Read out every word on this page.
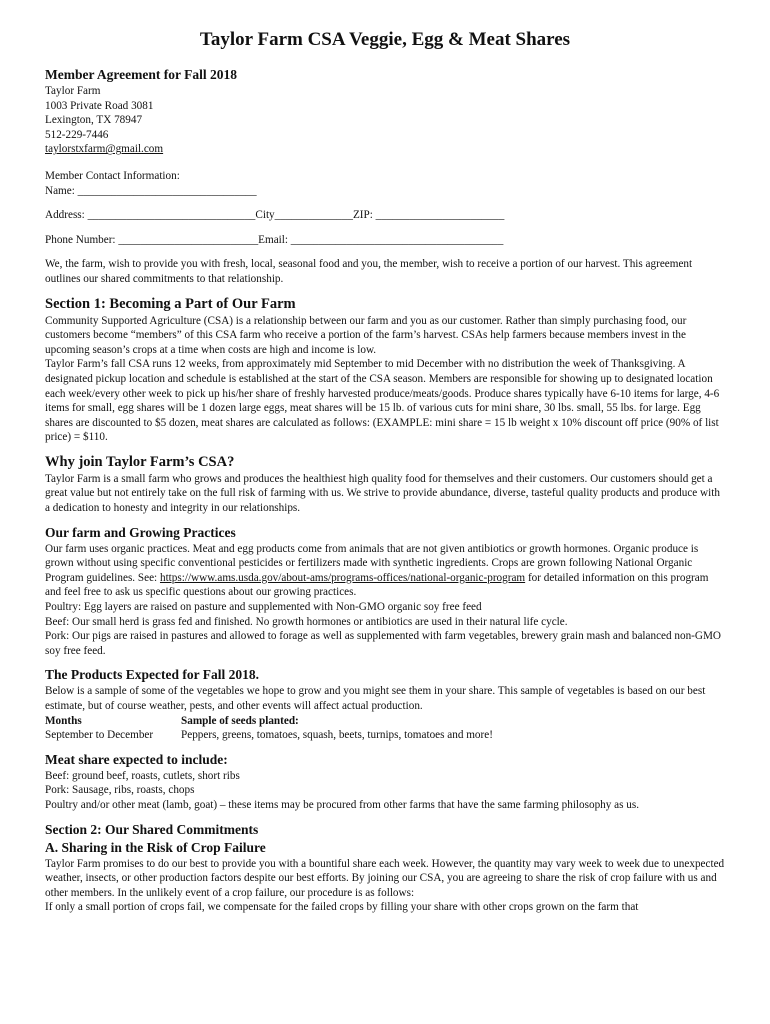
Taylor Farm CSA Veggie, Egg & Meat Shares
Member Agreement for Fall 2018

Taylor Farm

1003 Private Road 3081

Lexington, TX 78947

512-229-7446

taylorstxfarm@gmail.com

Member Contact Information:

Name: ________________________________

Address: ______________________________City______________ZIP: _______________________

Phone Number: _________________________Email: ______________________________________

We, the farm, wish to provide you with fresh, local, seasonal food and you, the member, wish to receive a portion of our harvest. This agreement outlines our shared commitments to that relationship.

Section 1: Becoming a Part of Our Farm

Community Supported Agriculture (CSA) is a relationship between our farm and you as our customer. Rather than simply purchasing food, our customers become “members” of this CSA farm who receive a portion of the farm’s harvest. CSAs help farmers because members invest in the upcoming season’s crops at a time when costs are high and income is low.

Taylor Farm’s fall CSA runs 12 weeks, from approximately mid September to mid December with no distribution the week of Thanksgiving. A designated pickup location and schedule is established at the start of the CSA season. Members are responsible for showing up to designated location each week/every other week to pick up his/her share of freshly harvested produce/meats/goods. Produce shares typically have 6-10 items for large, 4-6 items for small, egg shares will be 1 dozen large eggs, meat shares will be 15 lb. of various cuts for mini share, 30 lbs. small, 55 lbs. for large. Egg shares are discounted to $5 dozen, meat shares are calculated as follows: (EXAMPLE: mini share = 15 lb weight x 10% discount off price (90% of list price) = $110.

Why join Taylor Farm’s CSA?

Taylor Farm is a small farm who grows and produces the healthiest high quality food for themselves and their customers. Our customers should get a great value but not entirely take on the full risk of farming with us. We strive to provide abundance, diverse, tasteful quality products and produce with a dedication to honesty and integrity in our relationships.

Our farm and Growing Practices

Our farm uses organic practices. Meat and egg products come from animals that are not given antibiotics or growth hormones. Organic produce is grown without using specific conventional pesticides or fertilizers made with synthetic ingredients. Crops are grown following National Organic Program guidelines. See: https://www.ams.usda.gov/about-ams/programs-offices/national-organic-program for detailed information on this program and feel free to ask us specific questions about our growing practices.

Poultry: Egg layers are raised on pasture and supplemented with Non-GMO organic soy free feed

Beef: Our small herd is grass fed and finished. No growth hormones or antibiotics are used in their natural life cycle.

Pork: Our pigs are raised in pastures and allowed to forage as well as supplemented with farm vegetables, brewery grain mash and balanced non-GMO soy free feed.

The Products Expected for Fall 2018.

Below is a sample of some of the vegetables we hope to grow and you might see them in your share. This sample of vegetables is based on our best estimate, but of course weather, pests, and other events will affect actual production.

Months	Sample of seeds planted:
September to December	Peppers, greens, tomatoes, squash, beets, turnips, tomatoes and more!
Meat share expected to include:

Beef: ground beef, roasts, cutlets, short ribs

Pork: Sausage, ribs, roasts, chops

Poultry and/or other meat (lamb, goat) – these items may be procured from other farms that have the same farming philosophy as us.

Section 2: Our Shared Commitments
A. Sharing in the Risk of Crop Failure

Taylor Farm promises to do our best to provide you with a bountiful share each week. However, the quantity may vary week to week due to unexpected weather, insects, or other production factors despite our best efforts. By joining our CSA, you are agreeing to share the risk of crop failure with us and other members. In the unlikely event of a crop failure, our procedure is as follows:

If only a small portion of crops fail, we compensate for the failed crops by filling your share with other crops grown on the farm that
